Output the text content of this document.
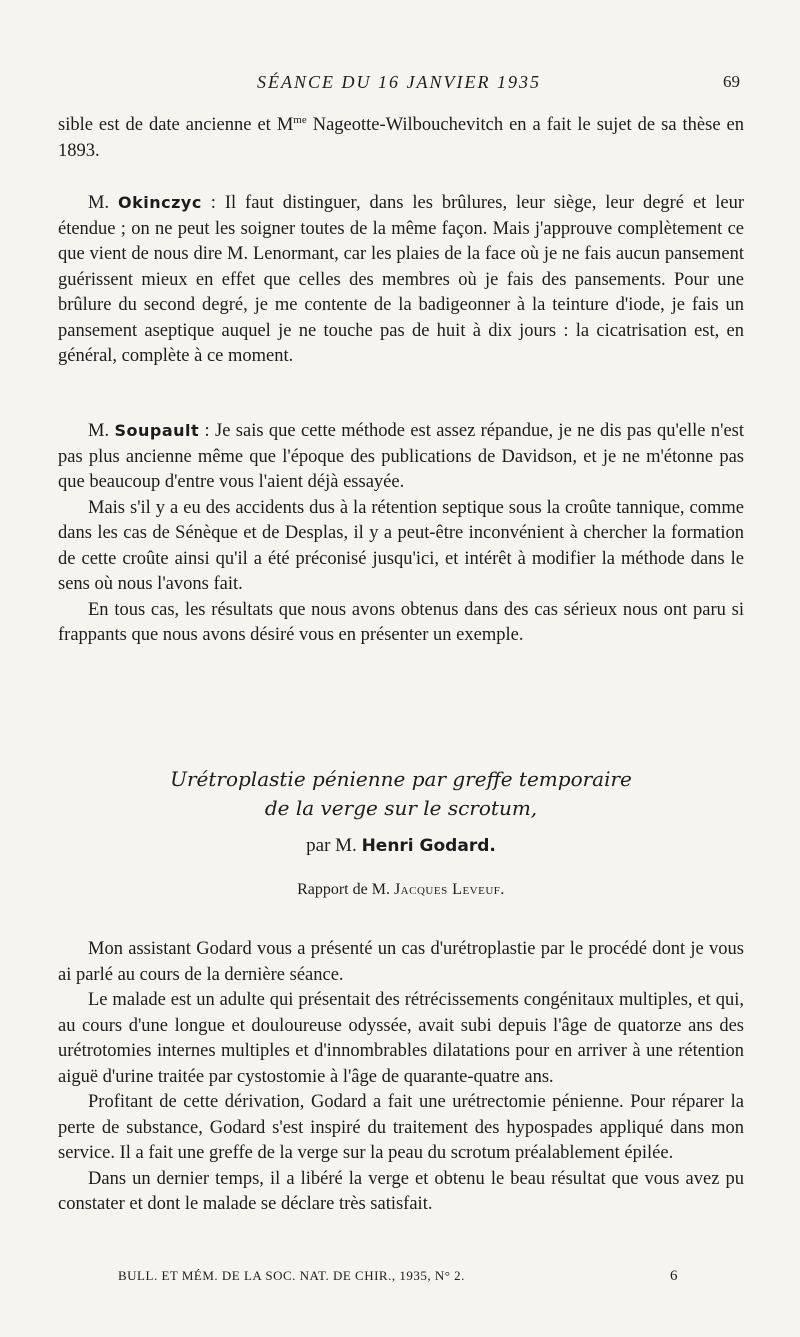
SÉANCE DU 16 JANVIER 1935	69

sible est de date ancienne et $M^{me}$ Nageotte-Wilbouchevitch en a fait le sujet de sa thèse en 1893.

M. Okinczyc : Il faut distinguer, dans les brûlures, leur siège, leur degré et leur étendue ; on ne peut les soigner toutes de la même façon. Mais j'approuve complètement ce que vient de nous dire M. Lenormant, car les plaies de la face où je ne fais aucun pansement guérissent mieux en effet que celles des membres où je fais des pansements. Pour une brûlure du second degré, je me contente de la badigeonner à la teinture d'iode, je fais un pansement aseptique auquel je ne touche pas de huit à dix jours : la cicatrisation est, en général, complète à ce moment.

M. Soupault : Je sais que cette méthode est assez répandue, je ne dis pas qu'elle n'est pas plus ancienne même que l'époque des publications de Davidson, et je ne m'étonne pas que beaucoup d'entre vous l'aient déjà essayée.

Mais s'il y a eu des accidents dus à la rétention septique sous la croûte tannique, comme dans les cas de Sénèque et de Desplas, il y a peut-être inconvénient à chercher la formation de cette croûte ainsi qu'il a été préconisé jusqu'ici, et intérêt à modifier la méthode dans le sens où nous l'avons fait.

En tous cas, les résultats que nous avons obtenus dans des cas sérieux nous ont paru si frappants que nous avons désiré vous en présenter un exemple.

Urétroplastie pénienne par greffe temporaire
de la verge sur le scrotum,
par M. Henri Godard.
Rapport de M. Jacques Leveuf.

Mon assistant Godard vous a présenté un cas d'urétroplastie par le procédé dont je vous ai parlé au cours de la dernière séance.

Le malade est un adulte qui présentait des rétrécissements congénitaux multiples, et qui, au cours d'une longue et douloureuse odyssée, avait subi depuis l'âge de quatorze ans des urétrotomies internes multiples et d'innombrables dilatations pour en arriver à une rétention aiguë d'urine traitée par cystostomie à l'âge de quarante-quatre ans.

Profitant de cette dérivation, Godard a fait une urétrectomie pénienne. Pour réparer la perte de substance, Godard s'est inspiré du traitement des hypospades appliqué dans mon service. Il a fait une greffe de la verge sur la peau du scrotum préalablement épilée.

Dans un dernier temps, il a libéré la verge et obtenu le beau résultat que vous avez pu constater et dont le malade se déclare très satisfait.

BULL. ET MÉM. DE LA SOC. NAT. DE CHIR., 1935, N° 2.	6
